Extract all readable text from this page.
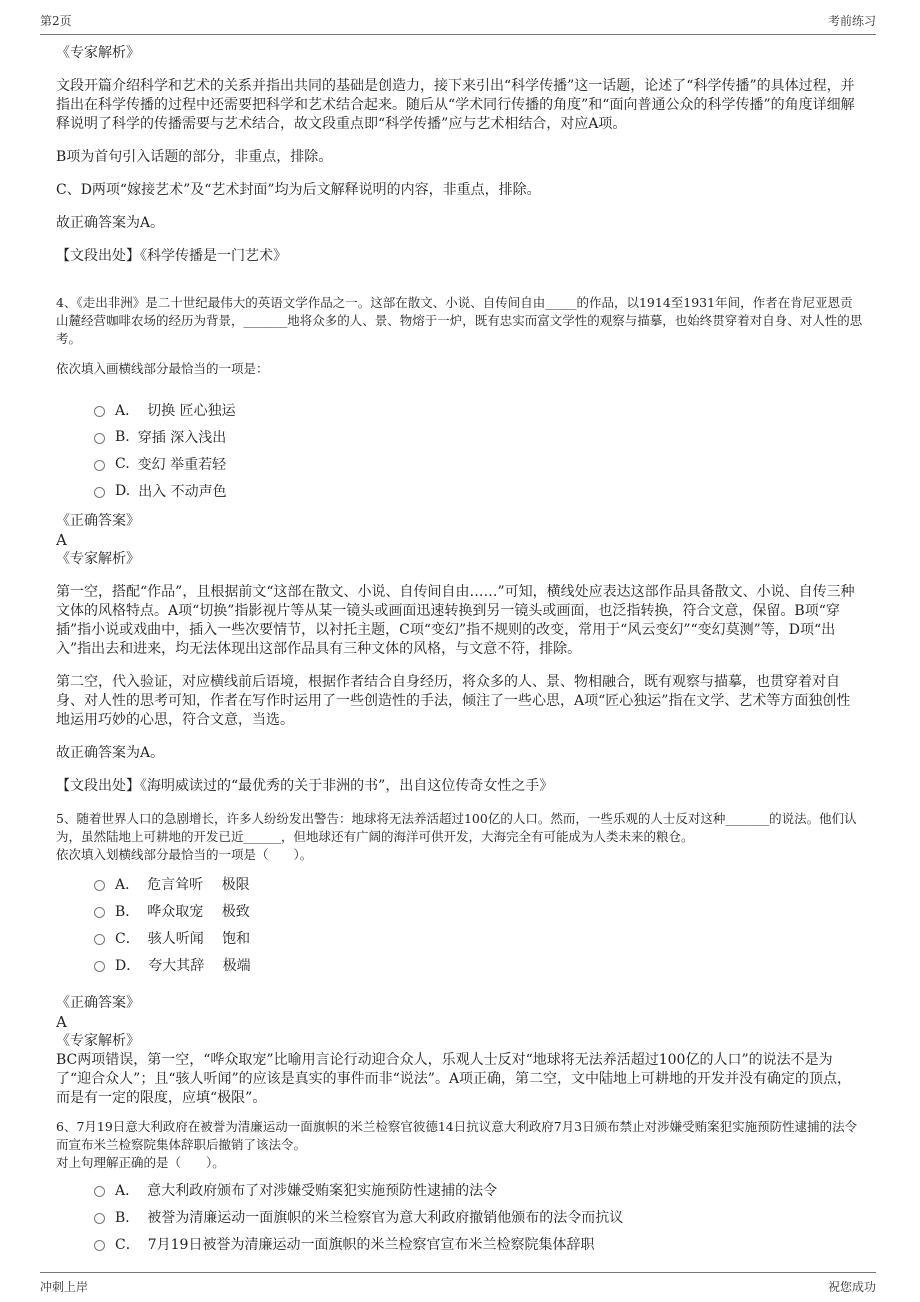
第2页	考前练习

《专家解析》

文段开篇介绍科学和艺术的关系并指出共同的基础是创造力，接下来引出“科学传播”这一话题，论述了“科学传播”的具体过程，并指出在科学传播的过程中还需要把科学和艺术结合起来。随后从“学术同行传播的角度”和“面向普通公众的科学传播”的角度详细解释说明了科学的传播需要与艺术结合，故文段重点即“科学传播”应与艺术相结合，对应A项。

B项为首句引入话题的部分，非重点，排除。

C、D两项“嫁接艺术”及“艺术封面”均为后文解释说明的内容，非重点，排除。

故正确答案为A。

【文段出处】《科学传播是一门艺术》

4、《走出非洲》是二十世纪最伟大的英语文学作品之一。这部在散文、小说、自传间自由_____的作品，以1914至1931年间，作者在肯尼亚恩贡山麓经营咖啡农场的经历为背景，_______地将众多的人、景、物熔于一炉，既有忠实而富文学性的观察与描摹，也始终贯穿着对自身、对人性的思考。

依次填入画横线部分最恰当的一项是：

A． 切换 匠心独运
B. 穿插 深入浅出
C. 变幻 举重若轻
D. 出入 不动声色

《正确答案》

A

《专家解析》

第一空，搭配“作品”，且根据前文“这部在散文、小说、自传间自由……”可知，横线处应表达这部作品具备散文、小说、自传三种文体的风格特点。A项“切换”指影视片等从某一镜头或画面迅速转换到另一镜头或画面，也泛指转换，符合文意，保留。B项“穿插”指小说或戏曲中，插入一些次要情节，以衬托主题，C项“变幻”指不规则的改变，常用于“风云变幻”“变幻莫测”等，D项“出入”指出去和进来，均无法体现出这部作品具有三种文体的风格，与文意不符，排除。

第二空，代入验证，对应横线前后语境，根据作者结合自身经历，将众多的人、景、物相融合，既有观察与描摹，也贯穿着对自身、对人性的思考可知，作者在写作时运用了一些创造性的手法，倾注了一些心思，A项“匠心独运”指在文学、艺术等方面独创性地运用巧妙的心思，符合文意，当选。

故正确答案为A。

【文段出处】《海明威读过的“最优秀的关于非洲的书”，出自这位传奇女性之手》

5、随着世界人口的急剧增长，许多人纷纷发出警告：地球将无法养活超过100亿的人口。然而，一些乐观的人士反对这种_______的说法。他们认为，虽然陆地上可耕地的开发已近______，但地球还有广阔的海洋可供开发，大海完全有可能成为人类未来的粮仓。

依次填入划横线部分最恰当的一项是（　　）。

A． 危言耸听　 极限
B． 哗众取宠　 极致
C． 骇人听闻　 饱和
D． 夸大其辞　 极端

《正确答案》

A

《专家解析》

BC两项错误，第一空，“哗众取宠”比喻用言论行动迎合众人，乐观人士反对“地球将无法养活超过100亿的人口”的说法不是为了“迎合众人”；且“骇人听闻”的应该是真实的事件而非“说法”。A项正确，第二空，文中陆地上可耕地的开发并没有确定的顶点，而是有一定的限度，应填“极限”。

6、7月19日意大利政府在被誉为清廉运动一面旗帜的米兰检察官彼德14日抗议意大利政府7月3日颁布禁止对涉嫌受贿案犯实施预防性逮捕的法令而宣布米兰检察院集体辞职后撤销了该法令。

对上句理解正确的是（　　）。

A． 意大利政府颁布了对涉嫌受贿案犯实施预防性逮捕的法令
B． 被誉为清廉运动一面旗帜的米兰检察官为意大利政府撤销他颁布的法令而抗议
C． 7月19日被誉为清廉运动一面旗帜的米兰检察官宣布米兰检察院集体辞职
冲刺上岸	祝您成功
